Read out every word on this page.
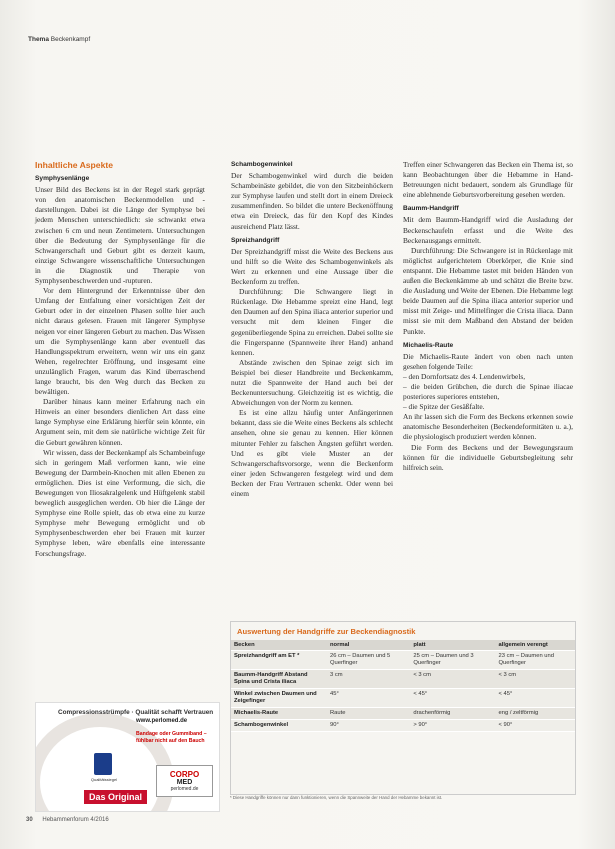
Thema Beckenkampf
Inhaltliche Aspekte
Symphysenlänge

Unser Bild des Beckens ist in der Regel stark geprägt von den anatomischen Beckenmodellen und -darstellungen. Dabei ist die Länge der Symphyse bei jedem Menschen unterschiedlich: sie schwankt etwa zwischen 6 cm und neun Zentimetern. Untersuchungen über die Bedeutung der Symphysenlänge für die Schwangerschaft und Geburt gibt es derzeit kaum, einzige Schwangere wissenschaftliche Untersuchungen in die Diagnostik und Therapie von Symphysenbeschwerden und -rupturen.

Vor dem Hintergrund der Erkenntnisse über den Umfang der Entfaltung einer vorsichtigen Zeit der Geburt oder in der einzelnen Phasen sollte hier auch nicht daraus gelesen. Frauen mit längerer Symphyse neigen vor einer längeren Geburt zu machen. Das Wissen um die Symphysenlänge kann aber eventuell das Handlungsspektrum erweitern, wenn wir uns ein ganz Wehen, regelrechter Eröffnung, und insgesamt eine unzulänglich Fragen, warum das Kind überraschend lange braucht, bis den Weg durch das Becken zu bewältigen.

Darüber hinaus kann meiner Erfahrung nach ein Hinweis an einer besonders dienlichen Art dass eine lange Symphyse eine Erklärung hierfür sein könnte, ein Argument sein, mit dem sie natürliche wichtige Zeit für die Geburt gewähren können.

Wir wissen, dass der Beckenkampf als Schambeinfuge sich in geringem Maß verformen kann, wie eine Bewegung der Darmbein-Knochen mit allen Ebenen zu ermöglichen. Dies ist eine Verformung, die sich, die Bewegungen von Iliosakralgelenk und Hüftgelenk stabil beweglich ausgeglichen werden. Ob hier die Länge der Symphyse eine Rolle spielt, das ob etwa eine zu kurze Symphyse mehr Bewegung ermöglicht und ob Symphysenbeschwerden eher bei Frauen mit kurzer Symphyse leben, wäre ebenfalls eine interessante Forschungsfrage.

Schambogenwinkel

Der Schambogenwinkel wird durch die beiden Schambeinäste gebildet, die von den Sitzbeinhöckern zur Symphyse laufen und stellt dort in einem Dreieck zusammenfinden. So bildet die untere Beckenöffnung etwa ein Dreieck, das für den Kopf des Kindes ausreichend Platz lässt.

Spreizhandgriff

Der Spreizhandgriff misst die Weite des Beckens aus und hilft so die Weite des Schambogenwinkels als Wert zu erkennen und eine Aussage über die Beckenform zu treffen.

Durchführung: Die Schwangere liegt in Rückenlage. Die Hebamme spreizt eine Hand, legt den Daumen auf den Spina iliaca anterior superior und versucht mit dem kleinen Finger die gegenüberliegende Spina zu erreichen. Dabei sollte sie die Fingerspanne (Spannweite ihrer Hand) anhand kennen.

Abstände zwischen den Spinae zeigt sich im Beispiel bei dieser Handbreite und Beckenkamm, nutzt die Spannweite der Hand auch bei der Beckenuntersuchung. Gleichzeitig ist es wichtig, die Abweichungen von der Norm zu kennen.

Es ist eine allzu häufig unter Anfängerinnen bekannt, dass sie die Weite eines Beckens als schlecht ansehen, ohne sie genau zu kennen. Hier können mitunter Fehler zu falschen Ängsten geführt werden. Und es gibt viele Muster an der Schwangerschaftsvorsorge, wenn die Beckenform einer jeden Schwangeren festgelegt wird und dem Becken der Frau Vertrauen schenkt. Oder wenn bei einem

Treffen einer Schwangeren das Becken ein Thema ist, so kann Beobachtungen über die Hebamme in Hand-Betreuungen nicht bedauert, sondern als Grundlage für eine ablehnende Geburtsvorbereitung gesehen werden.

Baumm-Handgriff

Mit dem Baumm-Handgriff wird die Ausladung der Beckenschaufeln erfasst und die Weite des Beckenausgangs ermittelt.

Durchführung: Die Schwangere ist in Rückenlage mit möglichst aufgerichtetem Oberkörper, die Knie sind entspannt. Die Hebamme tastet mit beiden Händen von außen die Beckenkämme ab und schätzt die Breite bzw. die Ausladung und Weite der Ebenen. Die Hebamme legt beide Daumen auf die Spina iliaca anterior superior und misst mit Zeige- und Mittelfinger die Crista iliaca. Dann misst sie mit dem Maßband den Abstand der beiden Punkte.

Michaelis-Raute

Die Michaelis-Raute ändert von oben nach unten gesehen folgende Teile:

– den Dornfortsatz des 4. Lendenwirbels,

– die beiden Grübchen, die durch die Spinae iliacae posteriores superiores entstehen,

– die Spitze der Gesäßfalte.

An ihr lassen sich die Form des Beckens erkennen sowie anatomische Besonderheiten (Beckendeformitäten u. a.), die physiologisch produziert werden können.

Die Form des Beckens und der Bewegungsraum können für die individuelle Geburtsbegleitung sehr hilfreich sein.

Compressionsstrümpfe · Qualität schafft Vertrauen
www.perlomed.de
Bandage oder Gummiband – fühlbar nicht auf den Bauch
Qualitätssiegel
Das Original
CORPO
MED
perlomed.de
Auswertung der Handgriffe zur Beckendiagnostik
Becken	normal	platt	allgemein verengt
Spreizhandgriff am ET *	26 cm – Daumen und 5 Querfinger	25 cm – Daumen und 3 Querfinger	23 cm – Daumen und Querfinger
Baumm-Handgriff Abstand Spina und Crista iliaca	3 cm	< 3 cm	< 3 cm
Winkel zwischen Daumen und Zeigefinger	45°	< 45°	< 45°
Michaelis-Raute	Raute	drachenförmig	eng / zeltförmig
Schambogenwinkel	90°	> 90°	< 90°
* Diese Handgriffe können nur dann funktionieren, wenn die Spannweite der Hand der Hebamme bekannt ist.
30 Hebammenforum 4/2016
